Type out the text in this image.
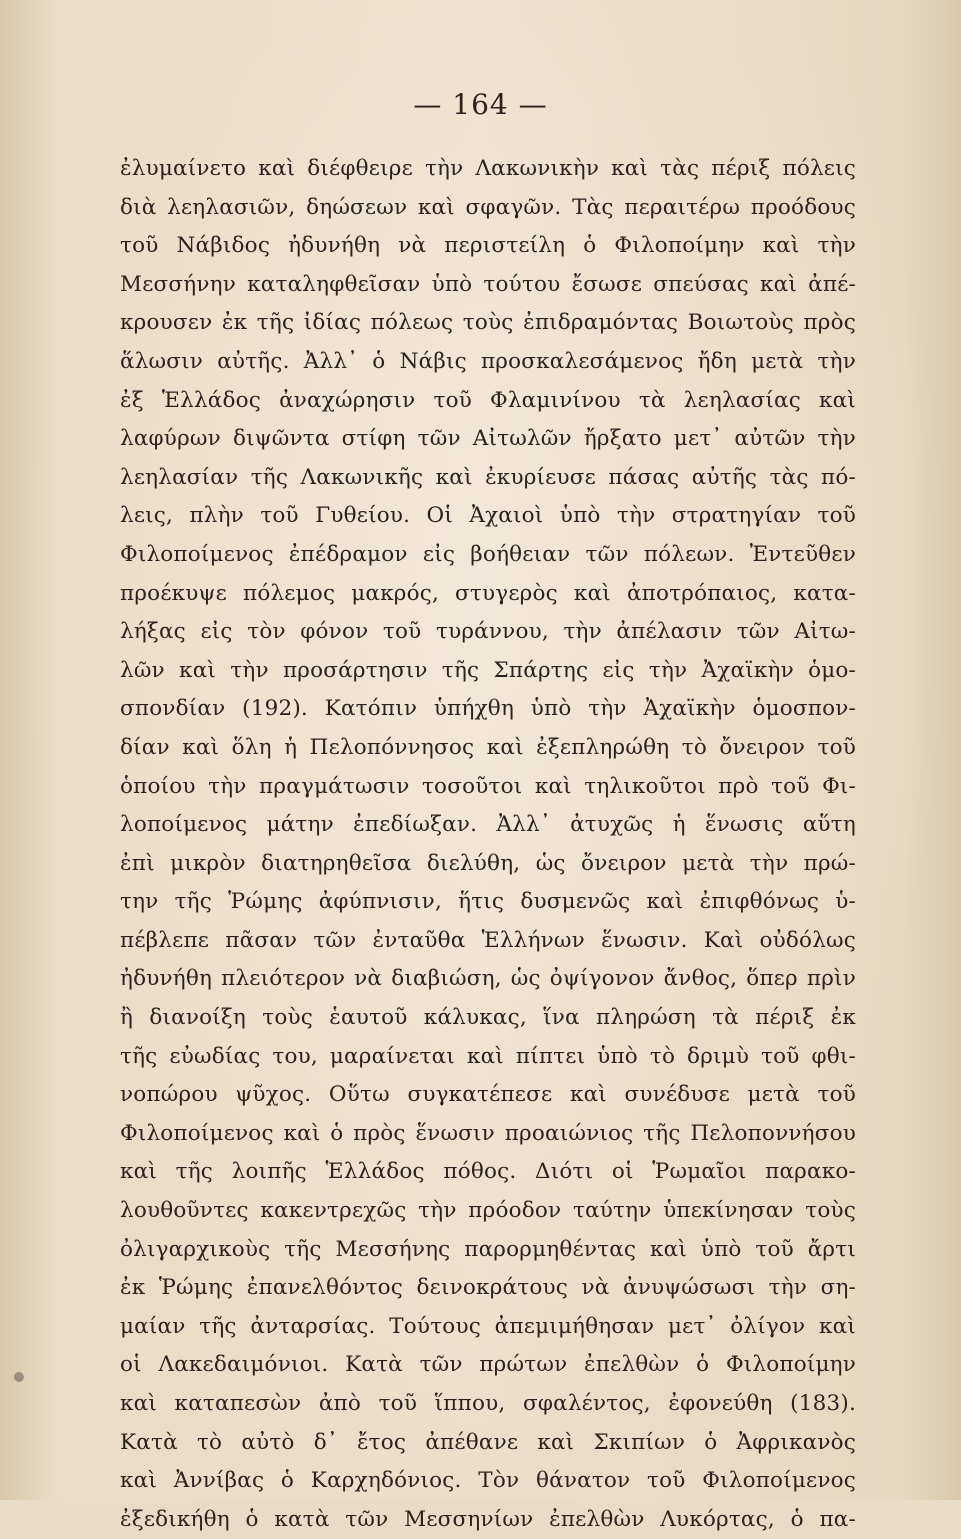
— 164 —
ἐλυμαίνετο καὶ διέφθειρε τὴν Λακωνικὴν καὶ τὰς πέριξ πόλεις
διὰ λεηλασιῶν, δηώσεων καὶ σφαγῶν. Τὰς περαιτέρω προόδους
τοῦ Νάβιδος ἠδυνήθη νὰ περιστείλη ὁ Φιλοποίμην καὶ τὴν
Μεσσήνην καταληφθεῖσαν ὑπὸ τούτου ἔσωσε σπεύσας καὶ ἀπέ-
κρουσεν ἐκ τῆς ἰδίας πόλεως τοὺς ἐπιδραμόντας Βοιωτοὺς πρὸς
ἅλωσιν αὐτῆς. Ἀλλ᾽ ὁ Νάβις προσκαλεσάμενος ἤδη μετὰ τὴν
ἐξ Ἑλλάδος ἀναχώρησιν τοῦ Φλαμινίνου τὰ λεηλασίας καὶ
λαφύρων διψῶντα στίφη τῶν Αἰτωλῶν ἤρξατο μετ᾽ αὐτῶν τὴν
λεηλασίαν τῆς Λακωνικῆς καὶ ἐκυρίευσε πάσας αὐτῆς τὰς πό-
λεις, πλὴν τοῦ Γυθείου. Οἱ Ἀχαιοὶ ὑπὸ τὴν στρατηγίαν τοῦ
Φιλοποίμενος ἐπέδραμον εἰς βοήθειαν τῶν πόλεων. Ἐντεῦθεν
προέκυψε πόλεμος μακρός, στυγερὸς καὶ ἀποτρόπαιος, κατα-
λήξας εἰς τὸν φόνον τοῦ τυράννου, τὴν ἀπέλασιν τῶν Αἰτω-
λῶν καὶ τὴν προσάρτησιν τῆς Σπάρτης εἰς τὴν Ἀχαϊκὴν ὁμο-
σπονδίαν (192). Κατόπιν ὑπήχθη ὑπὸ τὴν Ἀχαϊκὴν ὁμοσπον-
δίαν καὶ ὅλη ἡ Πελοπόννησος καὶ ἐξεπληρώθη τὸ ὄνειρον τοῦ
ὁποίου τὴν πραγμάτωσιν τοσοῦτοι καὶ τηλικοῦτοι πρὸ τοῦ Φι-
λοποίμενος μάτην ἐπεδίωξαν. Ἀλλ᾽ ἀτυχῶς ἡ ἕνωσις αὕτη
ἐπὶ μικρὸν διατηρηθεῖσα διελύθη, ὡς ὄνειρον μετὰ τὴν πρώ-
την τῆς Ῥώμης ἀφύπνισιν, ἥτις δυσμενῶς καὶ ἐπιφθόνως ὑ-
πέβλεπε πᾶσαν τῶν ἐνταῦθα Ἑλλήνων ἕνωσιν. Καὶ οὐδόλως
ἠδυνήθη πλειότερον νὰ διαβιώση, ὡς ὀψίγονον ἄνθος, ὅπερ πρὶν
ἢ διανοίξη τοὺς ἑαυτοῦ κάλυκας, ἵνα πληρώση τὰ πέριξ ἐκ
τῆς εὐωδίας του, μαραίνεται καὶ πίπτει ὑπὸ τὸ δριμὺ τοῦ φθι-
νοπώρου ψῦχος. Οὕτω συγκατέπεσε καὶ συνέδυσε μετὰ τοῦ
Φιλοποίμενος καὶ ὁ πρὸς ἕνωσιν προαιώνιος τῆς Πελοποννήσου
καὶ τῆς λοιπῆς Ἑλλάδος πόθος. Διότι οἱ Ῥωμαῖοι παρακο-
λουθοῦντες κακεντρεχῶς τὴν πρόοδον ταύτην ὑπεκίνησαν τοὺς
ὀλιγαρχικοὺς τῆς Μεσσήνης παρορμηθέντας καὶ ὑπὸ τοῦ ἄρτι
ἐκ Ῥώμης ἐπανελθόντος δεινοκράτους νὰ ἀνυψώσωσι τὴν ση-
μαίαν τῆς ἀνταρσίας. Τούτους ἀπεμιμήθησαν μετ᾽ ὀλίγον καὶ
οἱ Λακεδαιμόνιοι. Κατὰ τῶν πρώτων ἐπελθὼν ὁ Φιλοποίμην
καὶ καταπεσὼν ἀπὸ τοῦ ἵππου, σφαλέντος, ἐφονεύθη (183).
Κατὰ τὸ αὐτὸ δ᾽ ἔτος ἀπέθανε καὶ Σκιπίων ὁ Ἀφρικανὸς
καὶ Ἀννίβας ὁ Καρχηδόνιος. Τὸν θάνατον τοῦ Φιλοποίμενος
ἐξεδικήθη ὁ κατὰ τῶν Μεσσηνίων ἐπελθὼν Λυκόρτας, ὁ πα-
